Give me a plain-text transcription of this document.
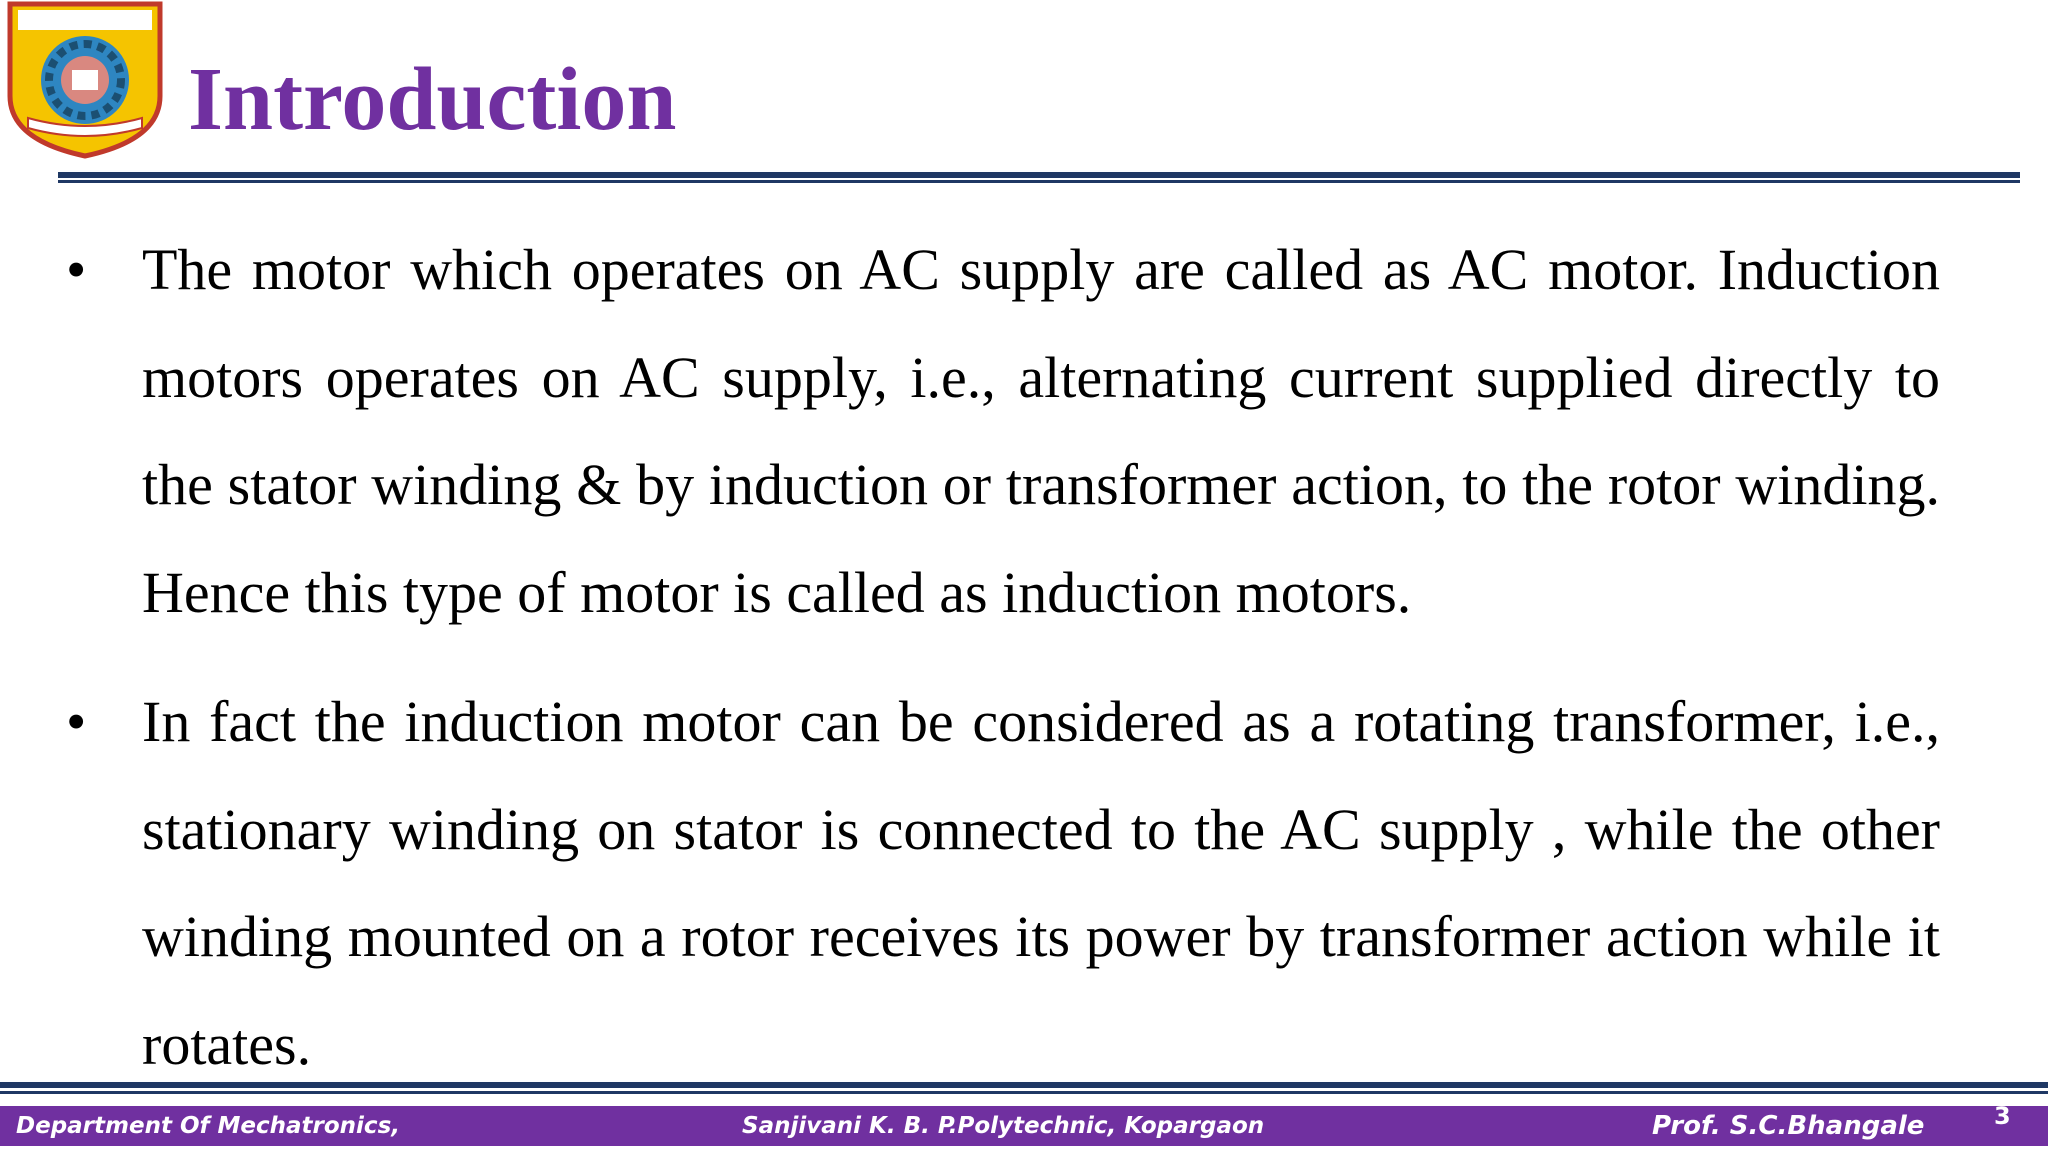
Introduction
• The motor which operates on AC supply are called as AC motor. Induction motors operates on AC supply, i.e., alternating current supplied directly to the stator winding & by induction or transformer action, to the rotor winding. Hence this type of motor is called as induction motors.
• In fact the induction motor can be considered as a rotating transformer, i.e., stationary winding on stator is connected to the AC supply , while the other winding mounted on a rotor receives its power by transformer action while it rotates.
Department Of Mechatronics,	Sanjivani K. B. P.Polytechnic, Kopargaon	Prof. S.C.Bhangale	3
